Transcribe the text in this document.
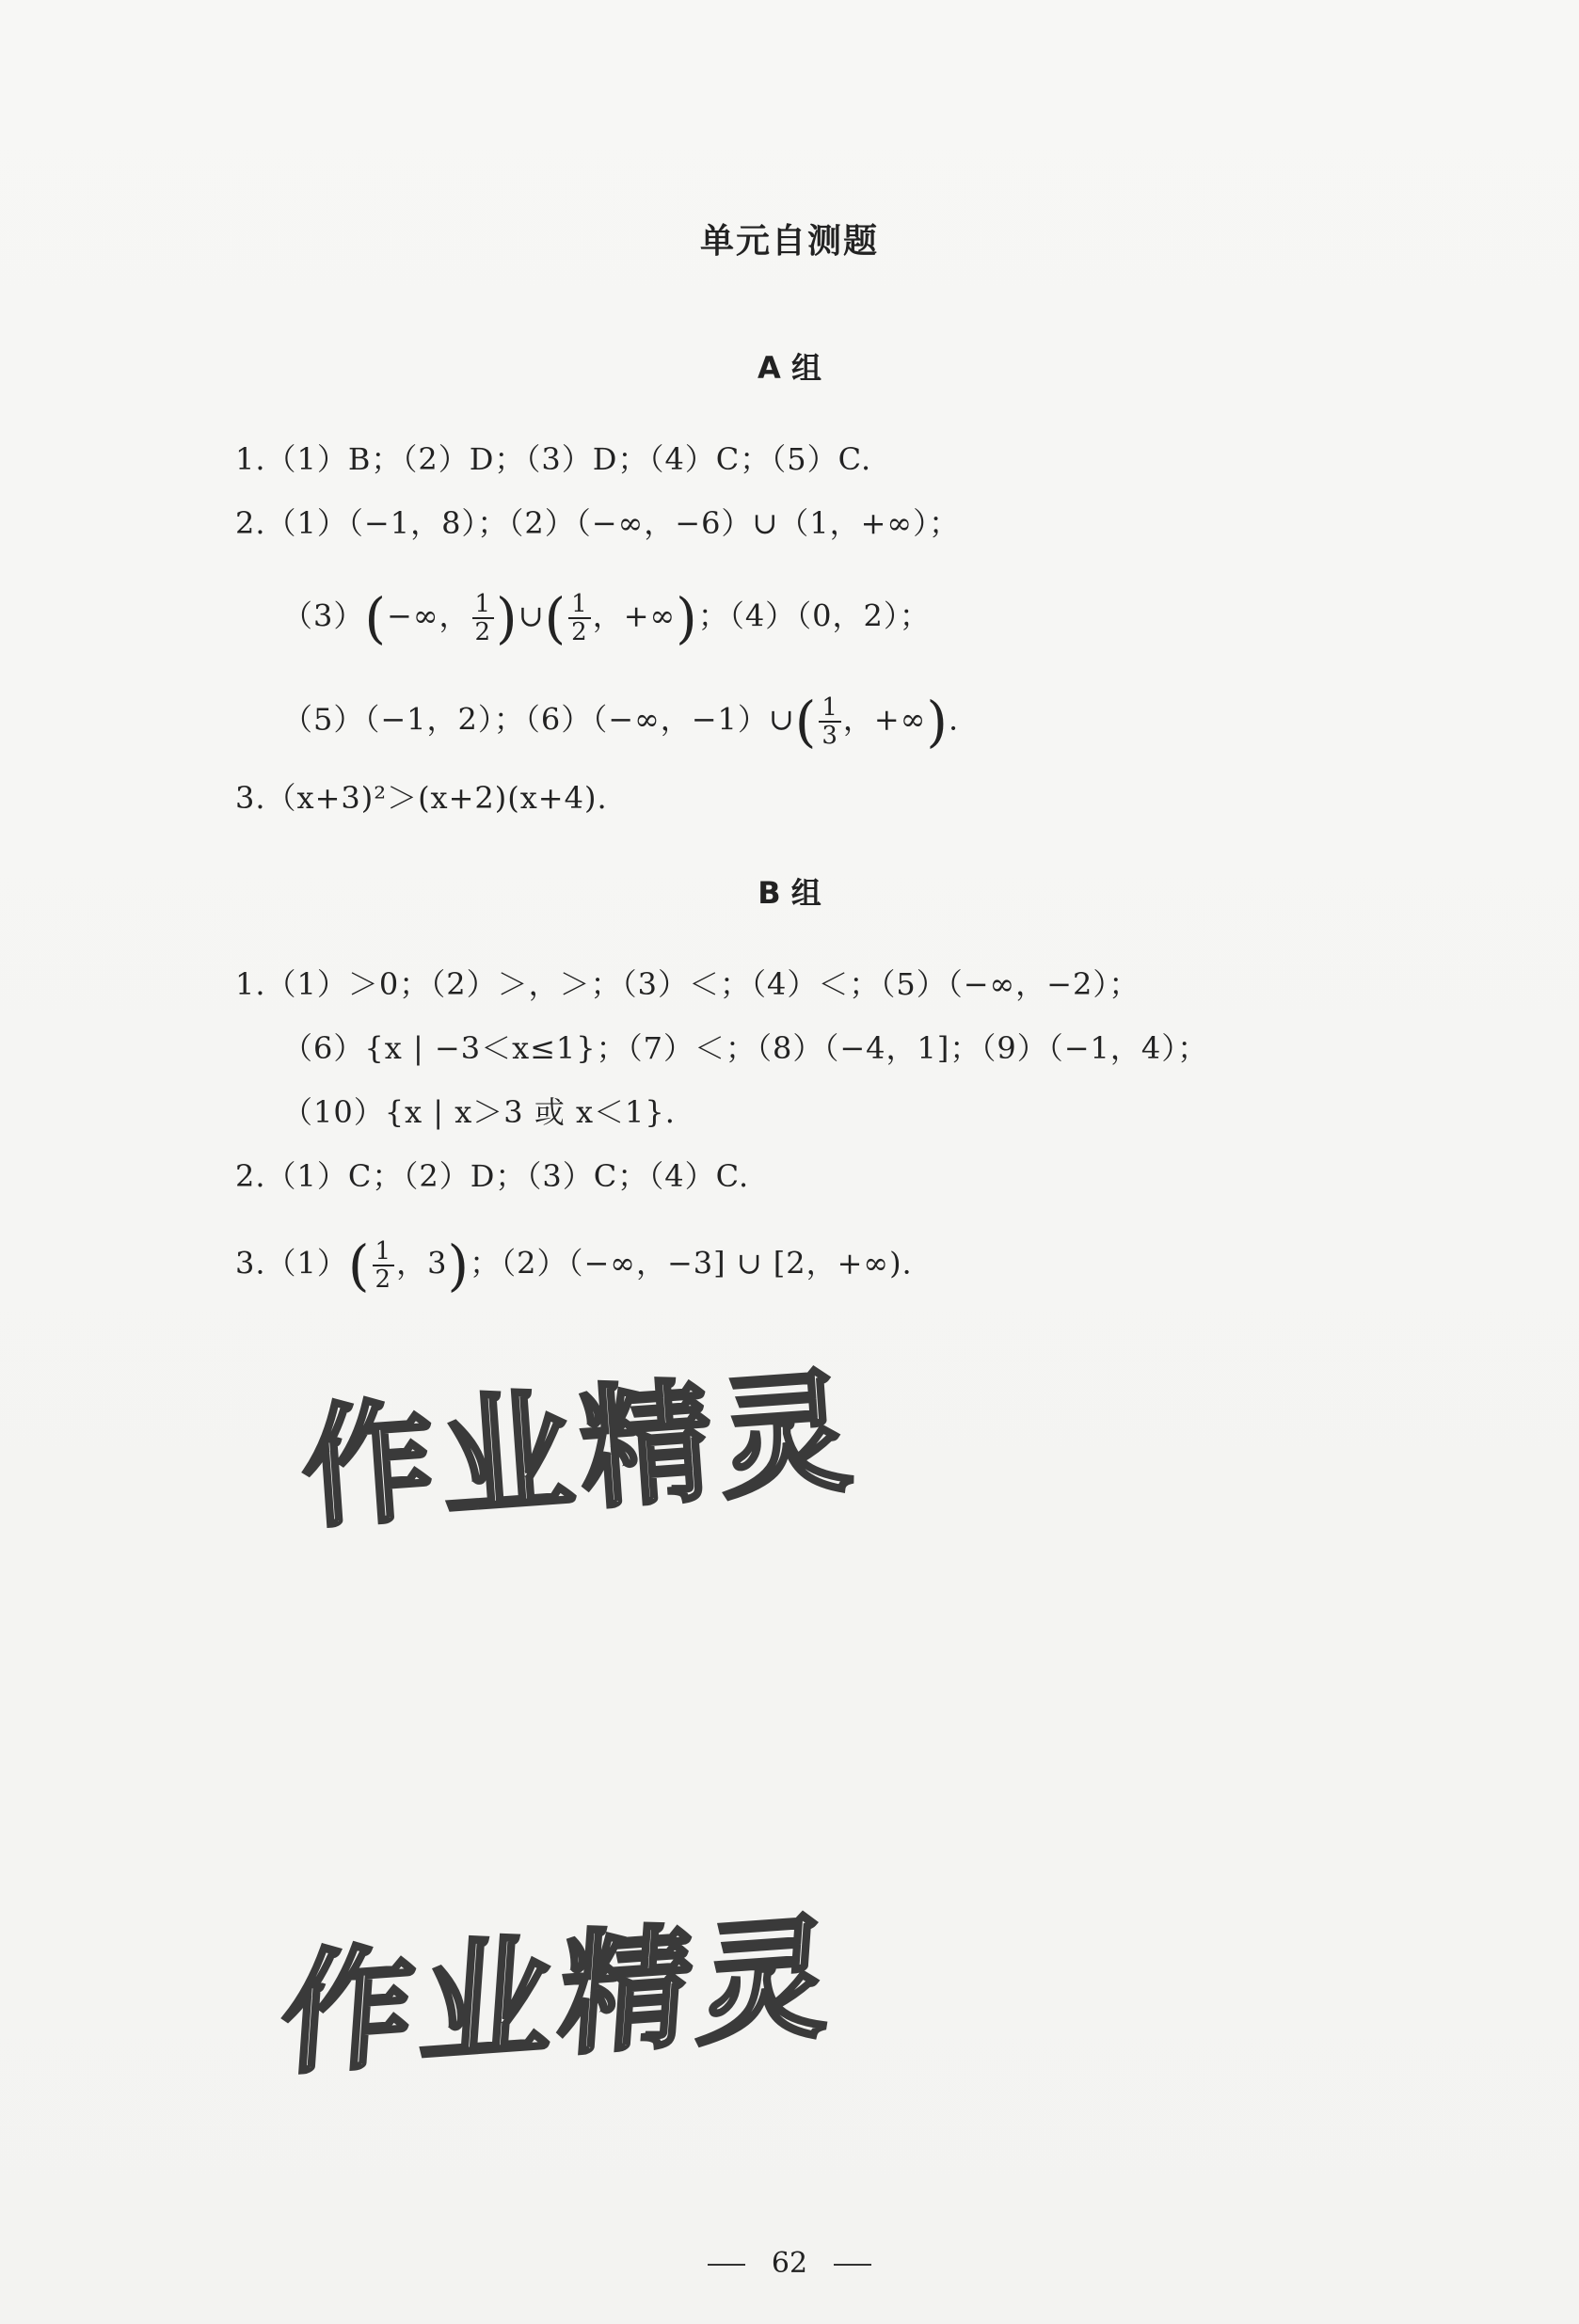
单元自测题
A 组
1.（1）B；（2）D；（3）D；（4）C；（5）C.
2.（1）（−1，8）；（2）（−∞，−6）∪（1，+∞）；
（3）(−∞， $\frac{1}{2}$ )∪( $\frac{1}{2}$ ，+∞)；（4）（0，2）；
（5）（−1，2）；（6）（−∞，−1）∪( $\frac{1}{3}$ ，+∞).
3.（x+3)²＞(x+2)(x+4).
B 组
1.（1）＞0；（2）＞，＞；（3）＜；（4）＜；（5）（−∞，−2）；
（6）{x | −3＜x≤1}；（7）＜；（8）（−4，1]；（9）（−1，4）；
（10）{x | x＞3 或 x＜1}.
2.（1）C；（2）D；（3）C；（4）C.
$3.(1)( \frac{1}{2}$ ，3)；（2）（−∞，−3] ∪ [2，+∞).
作业精灵
作业精灵
62
